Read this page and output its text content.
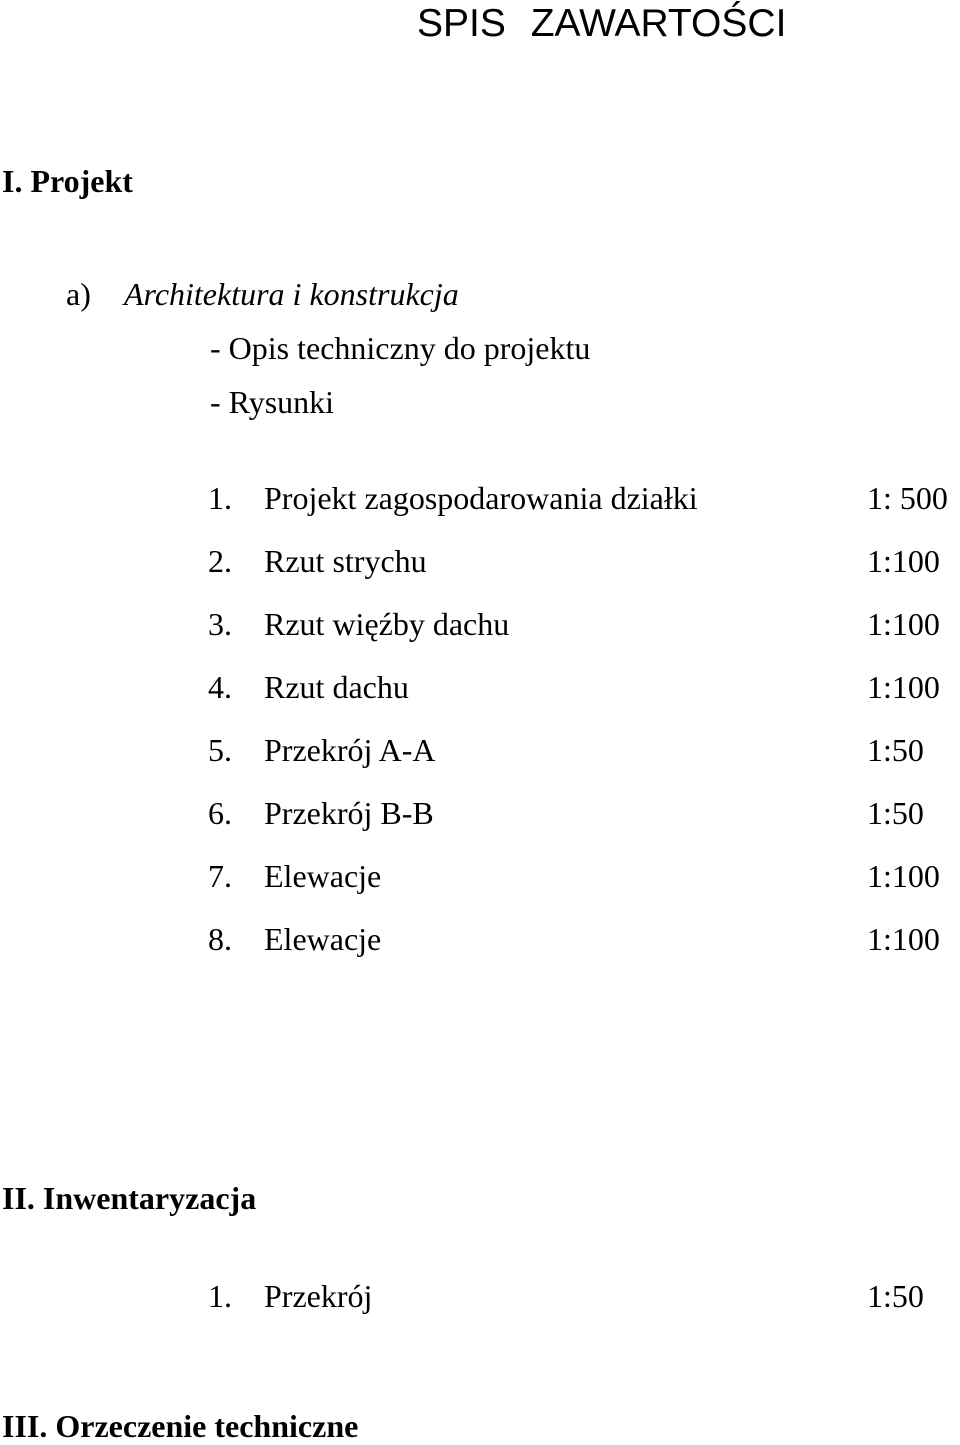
SPIS ZAWARTOŚCI
I. Projekt
a) Architektura i konstrukcja
- Opis techniczny do projektu
- Rysunki
1. Projekt zagospodarowania działki	1: 500
2. Rzut strychu	1:100
3. Rzut więźby dachu	1:100
4. Rzut dachu	1:100
5. Przekrój A-A	1:50
6. Przekrój B-B	1:50
7. Elewacje	1:100
8. Elewacje	1:100
II. Inwentaryzacja
1. Przekrój	1:50
III. Orzeczenie techniczne
